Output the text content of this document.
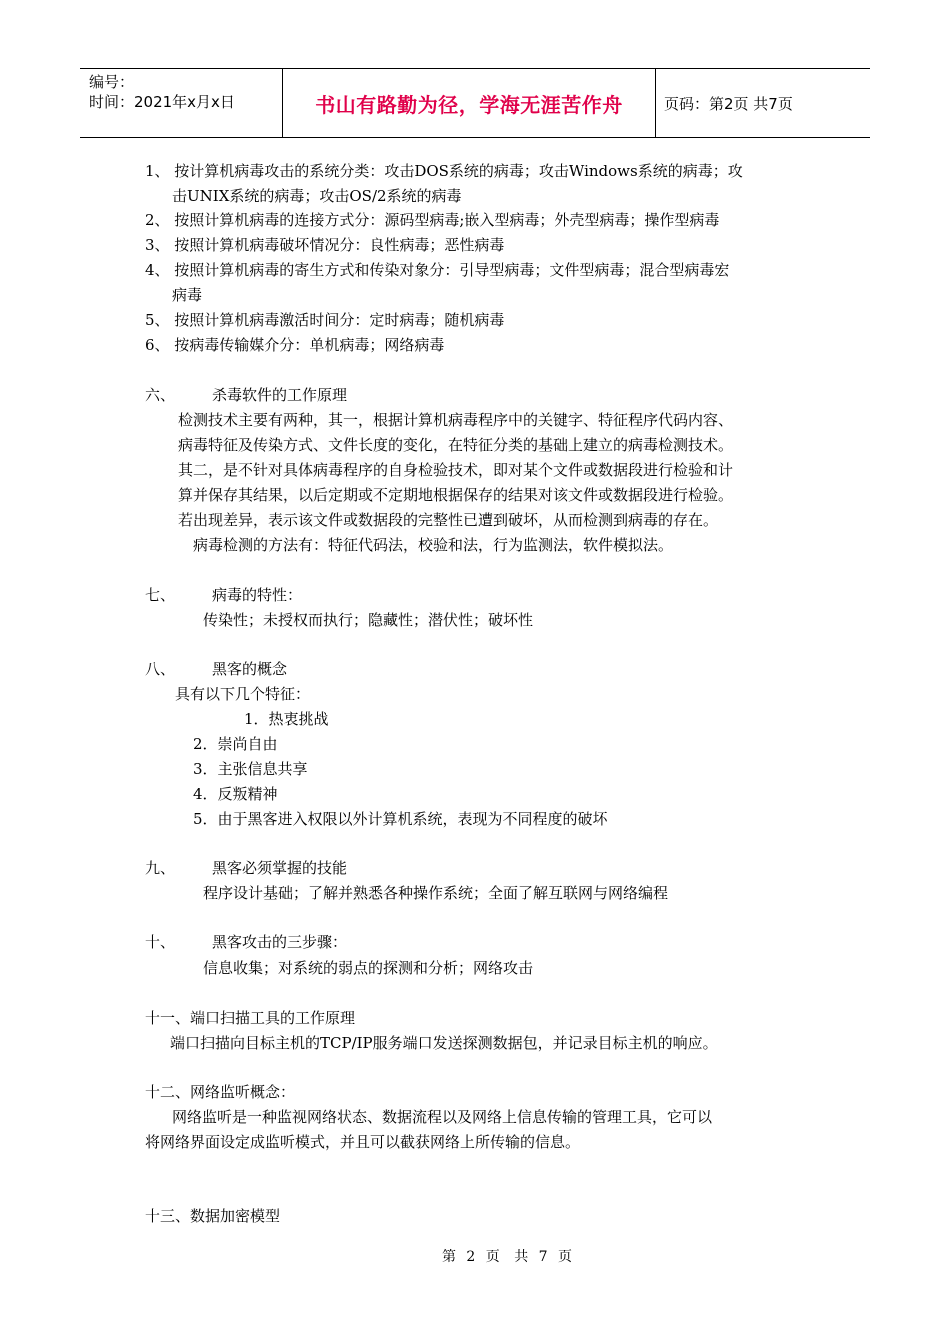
编号：
时间：2021年x月x日	书山有路勤为径，学海无涯苦作舟	页码：第2页 共7页
1、 按计算机病毒攻击的系统分类：攻击DOS系统的病毒；攻击Windows系统的病毒；攻
击UNIX系统的病毒；攻击OS/2系统的病毒
2、 按照计算机病毒的连接方式分：源码型病毒;嵌入型病毒；外壳型病毒；操作型病毒
3、 按照计算机病毒破坏情况分：良性病毒；恶性病毒
4、 按照计算机病毒的寄生方式和传染对象分：引导型病毒；文件型病毒；混合型病毒宏
病毒
5、 按照计算机病毒激活时间分：定时病毒；随机病毒
6、 按病毒传输媒介分：单机病毒；网络病毒
六、 杀毒软件的工作原理
检测技术主要有两种，其一，根据计算机病毒程序中的关键字、特征程序代码内容、
病毒特征及传染方式、文件长度的变化，在特征分类的基础上建立的病毒检测技术。
其二，是不针对具体病毒程序的自身检验技术，即对某个文件或数据段进行检验和计
算并保存其结果，以后定期或不定期地根据保存的结果对该文件或数据段进行检验。
若出现差异，表示该文件或数据段的完整性已遭到破坏，从而检测到病毒的存在。
病毒检测的方法有：特征代码法，校验和法，行为监测法，软件模拟法。
七、 病毒的特性：
传染性；未授权而执行；隐藏性；潜伏性；破坏性
八、 黑客的概念
具有以下几个特征：
1．热衷挑战
2．崇尚自由
3．主张信息共享
4．反叛精神
5．由于黑客进入权限以外计算机系统，表现为不同程度的破坏
九、 黑客必须掌握的技能
程序设计基础；了解并熟悉各种操作系统；全面了解互联网与网络编程
十、 黑客攻击的三步骤：
信息收集；对系统的弱点的探测和分析；网络攻击
十一、端口扫描工具的工作原理
端口扫描向目标主机的TCP/IP服务端口发送探测数据包，并记录目标主机的响应。
十二、网络监听概念：
网络监听是一种监视网络状态、数据流程以及网络上信息传输的管理工具，它可以
将网络界面设定成监听模式，并且可以截获网络上所传输的信息。
十三、数据加密模型
第 2 页 共 7 页
